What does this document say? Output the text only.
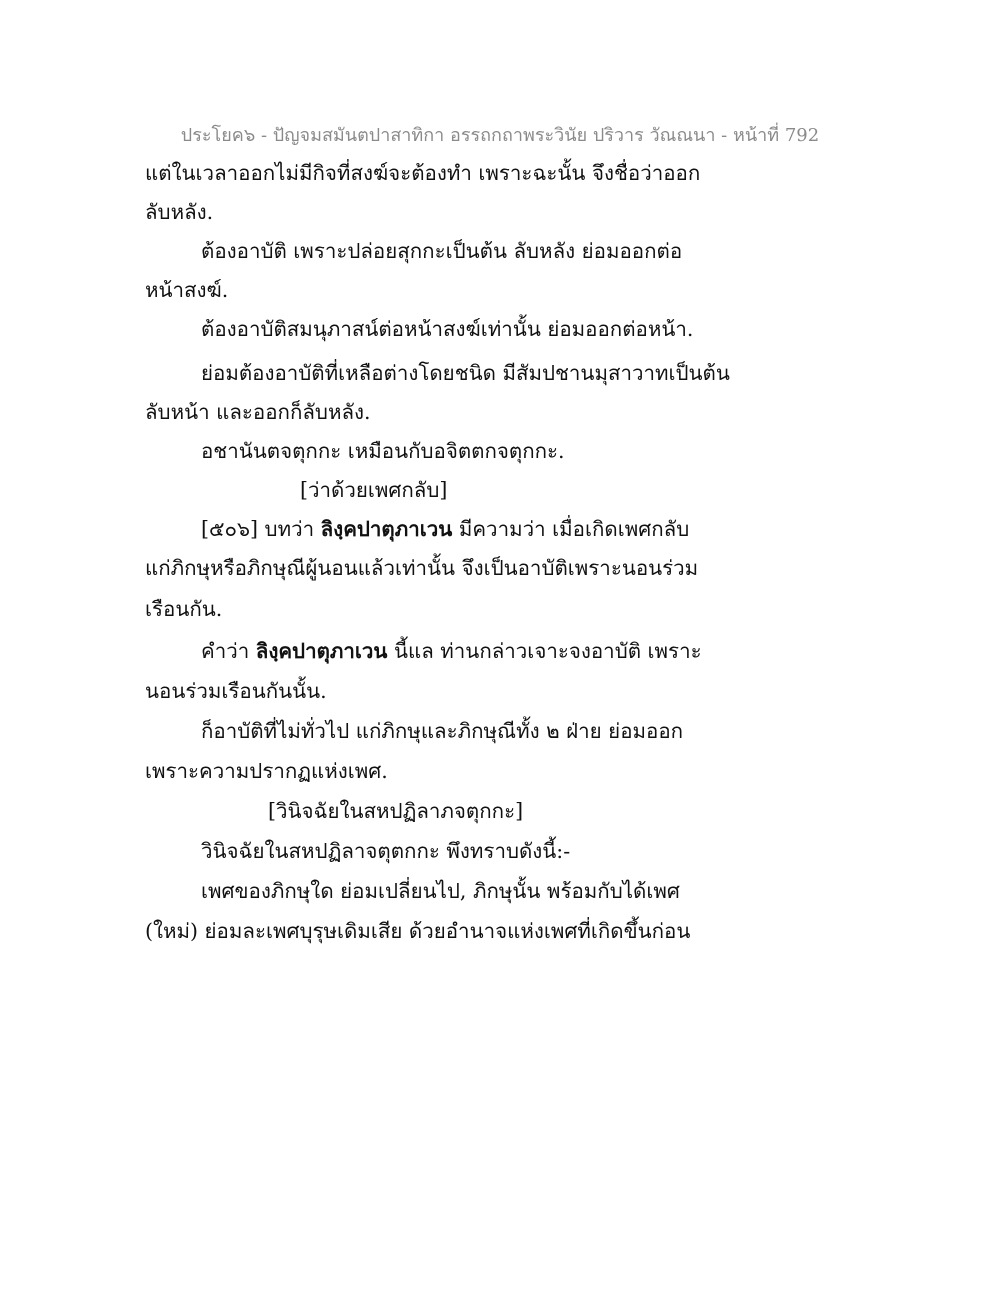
ประโยค๖ - ปัญจมสมันตปาสาทิกา อรรถกถาพระวินัย ปริวาร วัณณนา - หน้าที่ 792
แต่ในเวลาออกไม่มีกิจที่สงฆ์จะต้องทำ เพราะฉะนั้น จึงชื่อว่าออก
ลับหลัง.
ต้องอาบัติ เพราะปล่อยสุกกะเป็นต้น ลับหลัง ย่อมออกต่อ
หน้าสงฆ์.
ต้องอาบัติสมนุภาสน์ต่อหน้าสงฆ์เท่านั้น ย่อมออกต่อหน้า.
ย่อมต้องอาบัติที่เหลือต่างโดยชนิด มีสัมปชานมุสาวาทเป็นต้น
ลับหน้า และออกก็ลับหลัง.
อชานันตจตุกกะ เหมือนกับอจิตตกจตุกกะ.
[ว่าด้วยเพศกลับ]
[๕๐๖] บทว่า ลิงฺคปาตุภาเวน มีความว่า เมื่อเกิดเพศกลับ
แก่ภิกษุหรือภิกษุณีผู้นอนแล้วเท่านั้น จึงเป็นอาบัติเพราะนอนร่วม
เรือนกัน.
คำว่า ลิงฺคปาตุภาเวน นี้แล ท่านกล่าวเจาะจงอาบัติ เพราะ
นอนร่วมเรือนกันนั้น.
ก็อาบัติที่ไม่ทั่วไป แก่ภิกษุและภิกษุณีทั้ง ๒ ฝ่าย ย่อมออก
เพราะความปรากฏแห่งเพศ.
[วินิจฉัยในสหปฏิลาภจตุกกะ]
วินิจฉัยในสหปฏิลาจตุตกกะ พึงทราบดังนี้:-
เพศของภิกษุใด ย่อมเปลี่ยนไป, ภิกษุนั้น พร้อมกับได้เพศ
(ใหม่) ย่อมละเพศบุรุษเดิมเสีย ด้วยอำนาจแห่งเพศที่เกิดขึ้นก่อน
